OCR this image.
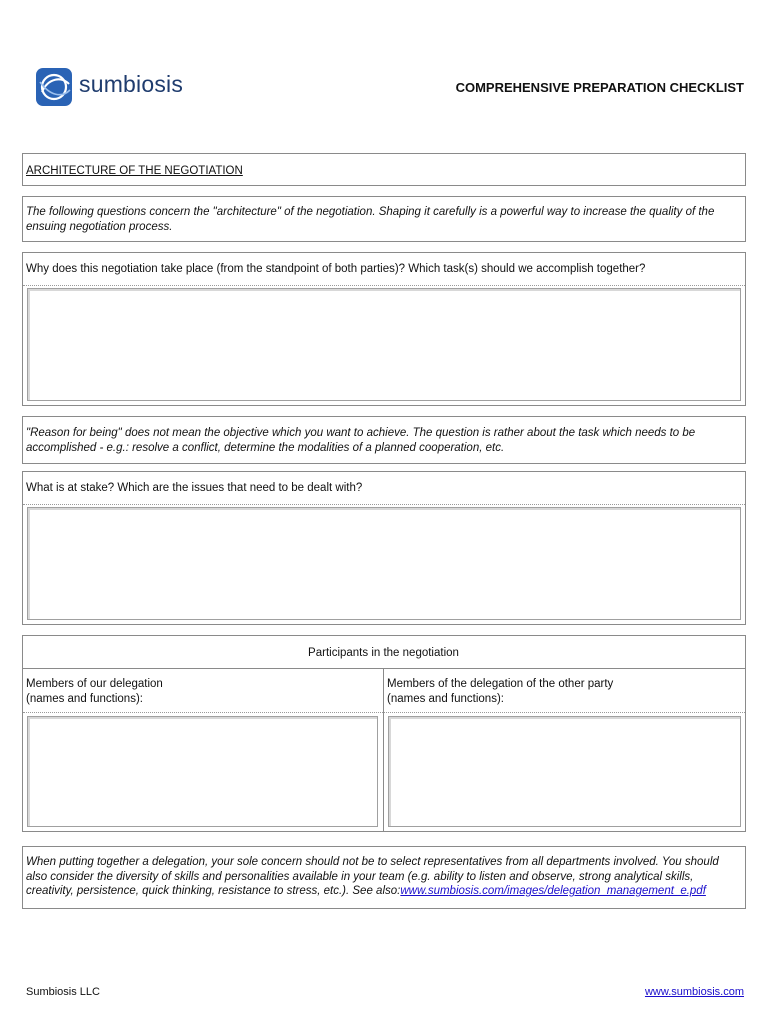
sumbiosis	COMPREHENSIVE PREPARATION CHECKLIST
ARCHITECTURE OF THE NEGOTIATION
The following questions concern the "architecture" of the negotiation. Shaping it carefully is a powerful way to increase the quality of the ensuing negotiation process.
Why does this negotiation take place (from the standpoint of both parties)? Which task(s) should we accomplish together?
"Reason for being" does not mean the objective which you want to achieve. The question is rather about the task which needs to be accomplished - e.g.: resolve a conflict, determine the modalities of a planned cooperation, etc.
What is at stake? Which are the issues that need to be dealt with?
Participants in the negotiation
Members of our delegation
(names and functions):
Members of the delegation of the other party
(names and functions):
When putting together a delegation, your sole concern should not be to select representatives from all departments involved. You should also consider the diversity of skills and personalities available in your team (e.g. ability to listen and observe, strong analytical skills, creativity, persistence, quick thinking, resistance to stress, etc.). See also:www.sumbiosis.com/images/delegation_management_e.pdf
Sumbiosis LLC	www.sumbiosis.com
